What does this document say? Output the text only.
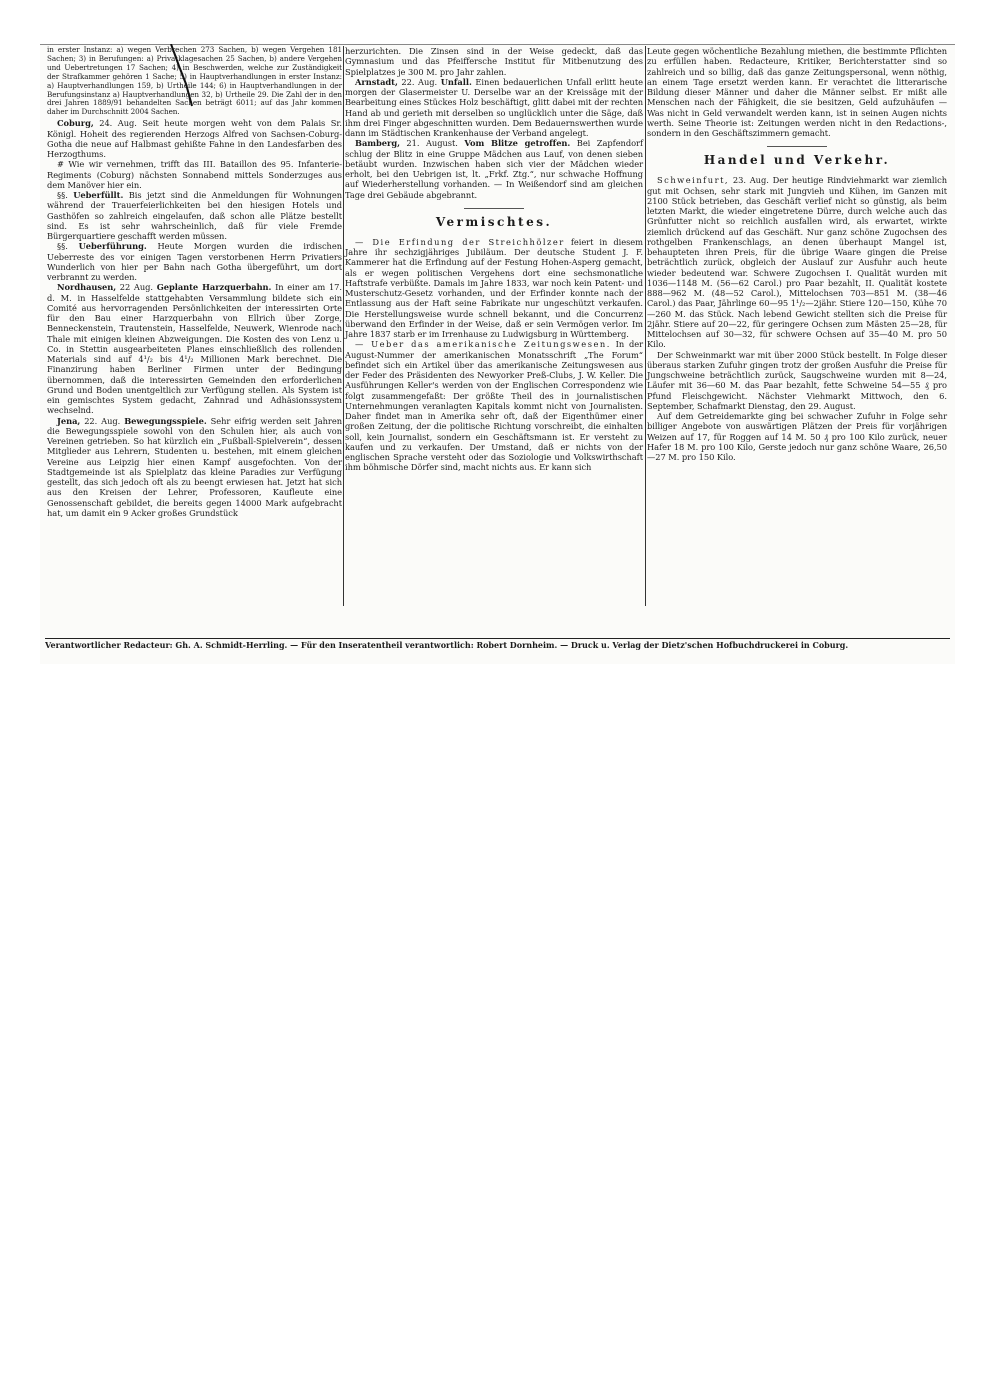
in erster Instanz: a) wegen Verbrechen 273 Sachen, b) wegen Vergehen 181 Sachen; 3) in Berufungen: a) Privatklagesachen 25 Sachen, b) andere Vergehen und Uebertretungen 17 Sachen; 4) in Beschwerden, welche zur Zuständigkeit der Strafkammer gehören 1 Sache; 5) in Hauptverhandlungen in erster Instanz: a) Hauptverhandlungen 159, b) Urtheile 144; 6) in Hauptverhandlungen in der Berufungsinstanz a) Hauptverhandlungen 32, b) Urtheile 29. Die Zahl der in den drei Jahren 1889/91 behandelten Sachen beträgt 6011; auf das Jahr kommen daher im Durchschnitt 2004 Sachen.

Coburg, 24. Aug. Seit heute morgen weht von dem Palais Sr. Königl. Hoheit des regierenden Herzogs Alfred von Sachsen-Coburg-Gotha die neue auf Halbmast gehißte Fahne in den Landesfarben des Herzogthums.

# Wie wir vernehmen, trifft das III. Bataillon des 95. Infanterie-Regiments (Coburg) nächsten Sonnabend mittels Sonderzuges aus dem Manöver hier ein.

§§. Ueberfüllt. Bis jetzt sind die Anmeldungen für Wohnungen während der Trauerfeierlichkeiten bei den hiesigen Hotels und Gasthöfen so zahlreich eingelaufen, daß schon alle Plätze bestellt sind. Es ist sehr wahrscheinlich, daß für viele Fremde Bürgerquartiere geschafft werden müssen.

§§. Ueberführung. Heute Morgen wurden die irdischen Ueberreste des vor einigen Tagen verstorbenen Herrn Privatiers Wunderlich von hier per Bahn nach Gotha übergeführt, um dort verbrannt zu werden.

Nordhausen, 22 Aug. Geplante Harzquerbahn. In einer am 17. d. M. in Hasselfelde stattgehabten Versammlung bildete sich ein Comité aus hervorragenden Persönlichkeiten der interessirten Orte für den Bau einer Harzquerbahn von Ellrich über Zorge, Benneckenstein, Trautenstein, Hasselfelde, Neuwerk, Wienrode nach Thale mit einigen kleinen Abzweigungen. Die Kosten des von Lenz u. Co. in Stettin ausgearbeiteten Planes einschließlich des rollenden Materials sind auf 4¹/₂ bis 4¹/₂ Millionen Mark berechnet. Die Finanzirung haben Berliner Firmen unter der Bedingung übernommen, daß die interessirten Gemeinden den erforderlichen Grund und Boden unentgeltlich zur Verfügung stellen. Als System ist ein gemischtes System gedacht, Zahnrad und Adhäsionssystem wechselnd.

Jena, 22. Aug. Bewegungsspiele. Sehr eifrig werden seit Jahren die Bewegungsspiele sowohl von den Schulen hier, als auch von Vereinen getrieben. So hat kürzlich ein „Fußball-Spielverein“, dessen Mitglieder aus Lehrern, Studenten u. bestehen, mit einem gleichen Vereine aus Leipzig hier einen Kampf ausgefochten. Von der Stadtgemeinde ist als Spielplatz das kleine Paradies zur Verfügung gestellt, das sich jedoch oft als zu beengt erwiesen hat. Jetzt hat sich aus den Kreisen der Lehrer, Professoren, Kaufleute eine Genossenschaft gebildet, die bereits gegen 14000 Mark aufgebracht hat, um damit ein 9 Acker großes Grundstück

herzurichten. Die Zinsen sind in der Weise gedeckt, daß das Gymnasium und das Pfeiffersche Institut für Mitbenutzung des Spielplatzes je 300 M. pro Jahr zahlen.

Arnstadt, 22. Aug. Unfall. Einen bedauerlichen Unfall erlitt heute morgen der Glasermeister U. Derselbe war an der Kreissäge mit der Bearbeitung eines Stückes Holz beschäftigt, glitt dabei mit der rechten Hand ab und gerieth mit derselben so unglücklich unter die Säge, daß ihm drei Finger abgeschnitten wurden. Dem Bedauernswerthen wurde dann im Städtischen Krankenhause der Verband angelegt.

Bamberg, 21. August. Vom Blitze getroffen. Bei Zapfendorf schlug der Blitz in eine Gruppe Mädchen aus Lauf, von denen sieben betäubt wurden. Inzwischen haben sich vier der Mädchen wieder erholt, bei den Uebrigen ist, lt. „Frkf. Ztg.“, nur schwache Hoffnung auf Wiederherstellung vorhanden. — In Weißendorf sind am gleichen Tage drei Gebäude abgebrannt.

Vermischtes.

— Die Erfindung der Streichhölzer feiert in diesem Jahre ihr sechzigjähriges Jubiläum. Der deutsche Student J. F. Kammerer hat die Erfindung auf der Festung Hohen-Asperg gemacht, als er wegen politischen Vergehens dort eine sechsmonatliche Haftstrafe verbüßte. Damals im Jahre 1833, war noch kein Patent- und Musterschutz-Gesetz vorhanden, und der Erfinder konnte nach der Entlassung aus der Haft seine Fabrikate nur ungeschützt verkaufen. Die Herstellungsweise wurde schnell bekannt, und die Concurrenz überwand den Erfinder in der Weise, daß er sein Vermögen verlor. Im Jahre 1837 starb er im Irrenhause zu Ludwigsburg in Württemberg.

— Ueber das amerikanische Zeitungswesen. In der August-Nummer der amerikanischen Monatsschrift „The Forum“ befindet sich ein Artikel über das amerikanische Zeitungswesen aus der Feder des Präsidenten des Newyorker Preß-Clubs, J. W. Keller. Die Ausführungen Keller's werden von der Englischen Correspondenz wie folgt zusammengefaßt: Der größte Theil des in journalistischen Unternehmungen veranlagten Kapitals kommt nicht von Journalisten. Daher findet man in Amerika sehr oft, daß der Eigenthümer einer großen Zeitung, der die politische Richtung vorschreibt, die einhalten soll, kein Journalist, sondern ein Geschäftsmann ist. Er versteht zu kaufen und zu verkaufen. Der Umstand, daß er nichts von der englischen Sprache versteht oder das Soziologie und Volkswirthschaft ihm böhmische Dörfer sind, macht nichts aus. Er kann sich

Leute gegen wöchentliche Bezahlung miethen, die bestimmte Pflichten zu erfüllen haben. Redacteure, Kritiker, Berichterstatter sind so zahlreich und so billig, daß das ganze Zeitungspersonal, wenn nöthig, an einem Tage ersetzt werden kann. Er verachtet die litterarische Bildung dieser Männer und daher die Männer selbst. Er mißt alle Menschen nach der Fähigkeit, die sie besitzen, Geld aufzuhäufen — Was nicht in Geld verwandelt werden kann, ist in seinen Augen nichts werth. Seine Theorie ist: Zeitungen werden nicht in den Redactions-, sondern in den Geschäftszimmern gemacht.

Handel und Verkehr.

Schweinfurt, 23. Aug. Der heutige Rindviehmarkt war ziemlich gut mit Ochsen, sehr stark mit Jungvieh und Kühen, im Ganzen mit 2100 Stück betrieben, das Geschäft verlief nicht so günstig, als beim letzten Markt, die wieder eingetretene Dürre, durch welche auch das Grünfutter nicht so reichlich ausfallen wird, als erwartet, wirkte ziemlich drückend auf das Geschäft. Nur ganz schöne Zugochsen des rothgelben Frankenschlags, an denen überhaupt Mangel ist, behaupteten ihren Preis, für die übrige Waare gingen die Preise beträchtlich zurück, obgleich der Auslauf zur Ausfuhr auch heute wieder bedeutend war. Schwere Zugochsen I. Qualität wurden mit 1036—1148 M. (56—62 Carol.) pro Paar bezahlt, II. Qualität kostete 888—962 M. (48—52 Carol.), Mittelochsen 703—851 M. (38—46 Carol.) das Paar, Jährlinge 60—95 1¹/₂—2jähr. Stiere 120—150, Kühe 70—260 M. das Stück. Nach lebend Gewicht stellten sich die Preise für 2jähr. Stiere auf 20—22, für geringere Ochsen zum Mästen 25—28, für Mittelochsen auf 30—32, für schwere Ochsen auf 35—40 M. pro 50 Kilo.

Der Schweinmarkt war mit über 2000 Stück bestellt. In Folge dieser überaus starken Zufuhr gingen trotz der großen Ausfuhr die Preise für Jungschweine beträchtlich zurück, Saugschweine wurden mit 8—24, Läufer mit 36—60 M. das Paar bezahlt, fette Schweine 54—55 ₰ pro Pfund Fleischgewicht. Nächster Viehmarkt Mittwoch, den 6. September, Schafmarkt Dienstag, den 29. August.

Auf dem Getreidemarkte ging bei schwacher Zufuhr in Folge sehr billiger Angebote von auswärtigen Plätzen der Preis für vorjährigen Weizen auf 17, für Roggen auf 14 M. 50 ₰ pro 100 Kilo zurück, neuer Hafer 18 M. pro 100 Kilo, Gerste jedoch nur ganz schöne Waare, 26,50—27 M. pro 150 Kilo.

Verantwortlicher Redacteur: Gh. A. Schmidt-Herrling. — Für den Inseratentheil verantwortlich: Robert Dornheim. — Druck u. Verlag der Dietz'schen Hofbuchdruckerei in Coburg.
